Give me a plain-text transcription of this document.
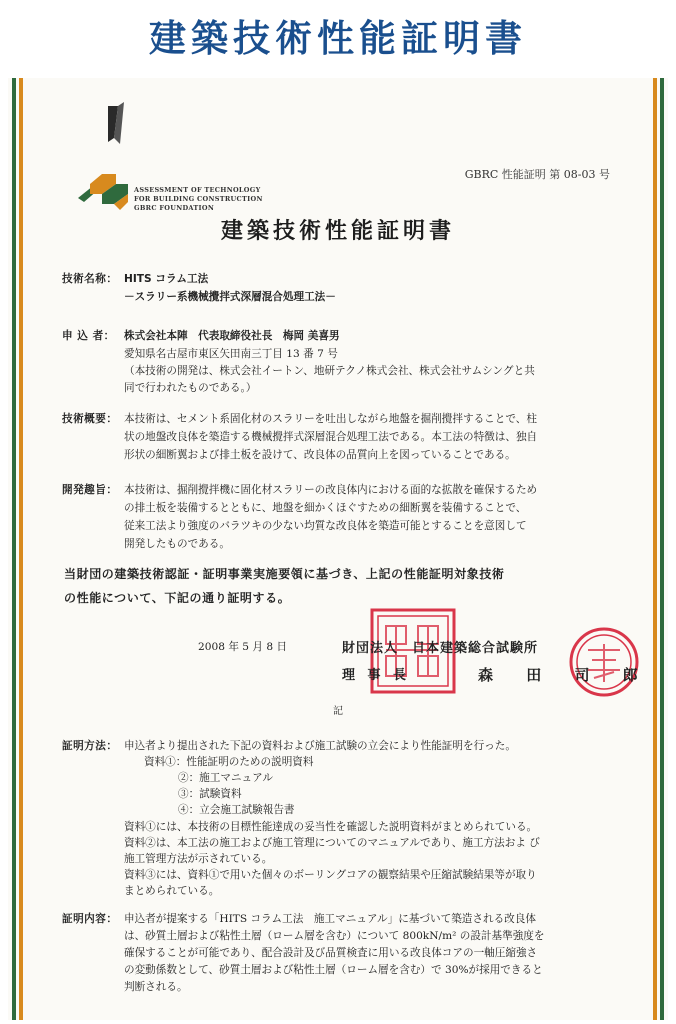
建築技術性能証明書
ASSESSMENT OF TECHNOLOGY
FOR BUILDING CONSTRUCTION
GBRC FOUNDATION
GBRC 性能証明 第 08-03 号
建築技術性能証明書
技術名称： HITS コラム工法
－スラリー系機械攪拌式深層混合処理工法－
申 込 者： 株式会社本陣　代表取締役社長　梅岡 美喜男
愛知県名古屋市東区矢田南三丁目 13 番 7 号
（本技術の開発は、株式会社イートン、地研テクノ株式会社、株式会社サムシングと共
同で行われたものである。）
技術概要： 本技術は、セメント系固化材のスラリーを吐出しながら地盤を掘削攪拌することで、柱
状の地盤改良体を築造する機械攪拌式深層混合処理工法である。本工法の特徴は、独自
形状の細断翼および排土板を設けて、改良体の品質向上を図っていることである。
開発趣旨： 本技術は、掘削攪拌機に固化材スラリーの改良体内における面的な拡散を確保するため
の排土板を装備するとともに、地盤を細かくほぐすための細断翼を装備することで、
従来工法より強度のバラツキの少ない均質な改良体を築造可能とすることを意図して
開発したものである。
当財団の建築技術認証・証明事業実施要領に基づき、上記の性能証明対象技術
の性能について、下記の通り証明する。
2008 年 5 月 8 日	財団法人　日本建築総合試験所
理 事 長	森 田 司 郎
記
証明方法： 申込者より提出された下記の資料および施工試験の立会により性能証明を行った。
資料①：性能証明のための説明資料
②：施工マニュアル
③：試験資料
④：立会施工試験報告書
資料①には、本技術の目標性能達成の妥当性を確認した説明資料がまとめられている。
資料②は、本工法の施工および施工管理についてのマニュアルであり、施工方法およ び
施工管理方法が示されている。
資料③には、資料①で用いた個々のボーリングコアの観察結果や圧縮試験結果等が取り
まとめられている。
証明内容： 申込者が提案する「HITS コラム工法　施工マニュアル」に基づいて築造される改良体
は、砂質土層および粘性土層（ローム層を含む）について 800kN/m² の設計基準強度を
確保することが可能であり、配合設計及び品質検査に用いる改良体コアの一軸圧縮強さ
の変動係数として、砂質土層および粘性土層（ローム層を含む）で 30%が採用できると
判断される。
